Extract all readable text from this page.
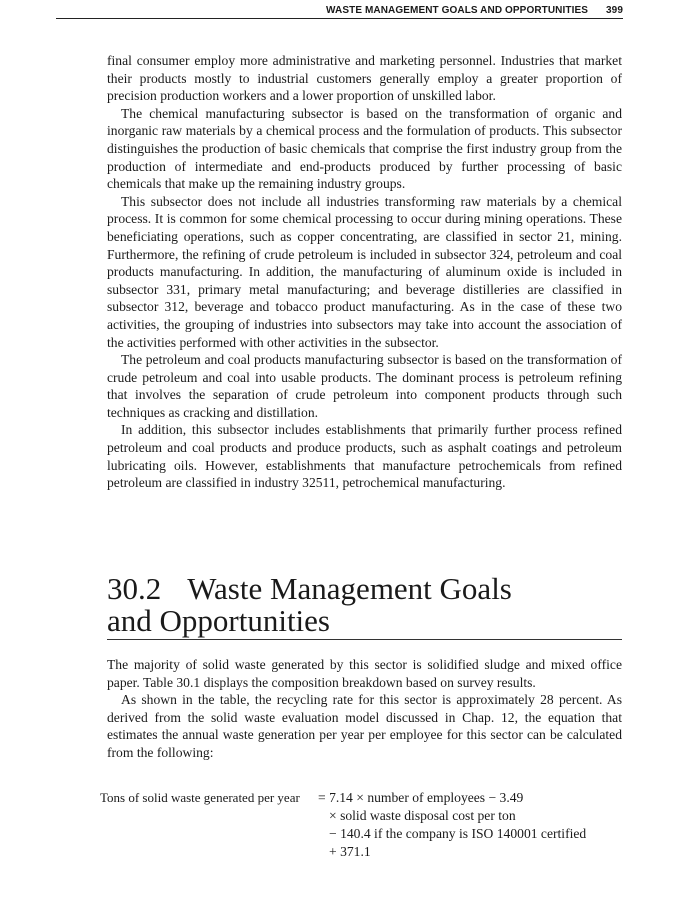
WASTE MANAGEMENT GOALS AND OPPORTUNITIES 399

final consumer employ more administrative and marketing personnel. Industries that market their products mostly to industrial customers generally employ a greater proportion of precision production workers and a lower proportion of unskilled labor.

The chemical manufacturing subsector is based on the transformation of organic and inorganic raw materials by a chemical process and the formulation of products. This subsector distinguishes the production of basic chemicals that comprise the first industry group from the production of intermediate and end-products produced by further processing of basic chemicals that make up the remaining industry groups.

This subsector does not include all industries transforming raw materials by a chemical process. It is common for some chemical processing to occur during mining operations. These beneficiating operations, such as copper concentrating, are classified in sector 21, mining. Furthermore, the refining of crude petroleum is included in subsector 324, petroleum and coal products manufacturing. In addition, the manufacturing of aluminum oxide is included in subsector 331, primary metal manufacturing; and beverage distilleries are classified in subsector 312, beverage and tobacco product manufacturing. As in the case of these two activities, the grouping of industries into subsectors may take into account the association of the activities performed with other activities in the subsector.

The petroleum and coal products manufacturing subsector is based on the transformation of crude petroleum and coal into usable products. The dominant process is petroleum refining that involves the separation of crude petroleum into component products through such techniques as cracking and distillation.

In addition, this subsector includes establishments that primarily further process refined petroleum and coal products and produce products, such as asphalt coatings and petroleum lubricating oils. However, establishments that manufacture petrochemicals from refined petroleum are classified in industry 32511, petrochemical manufacturing.

30.2 Waste Management Goals
and Opportunities

The majority of solid waste generated by this sector is solidified sludge and mixed office paper. Table 30.1 displays the composition breakdown based on survey results.

As shown in the table, the recycling rate for this sector is approximately 28 percent. As derived from the solid waste evaluation model discussed in Chap. 12, the equation that estimates the annual waste generation per year per employee for this sector can be calculated from the following:

Tons of solid waste generated per year = 7.14 × number of employees − 3.49
× solid waste disposal cost per ton
− 140.4 if the company is ISO 140001 certified
+ 371.1
